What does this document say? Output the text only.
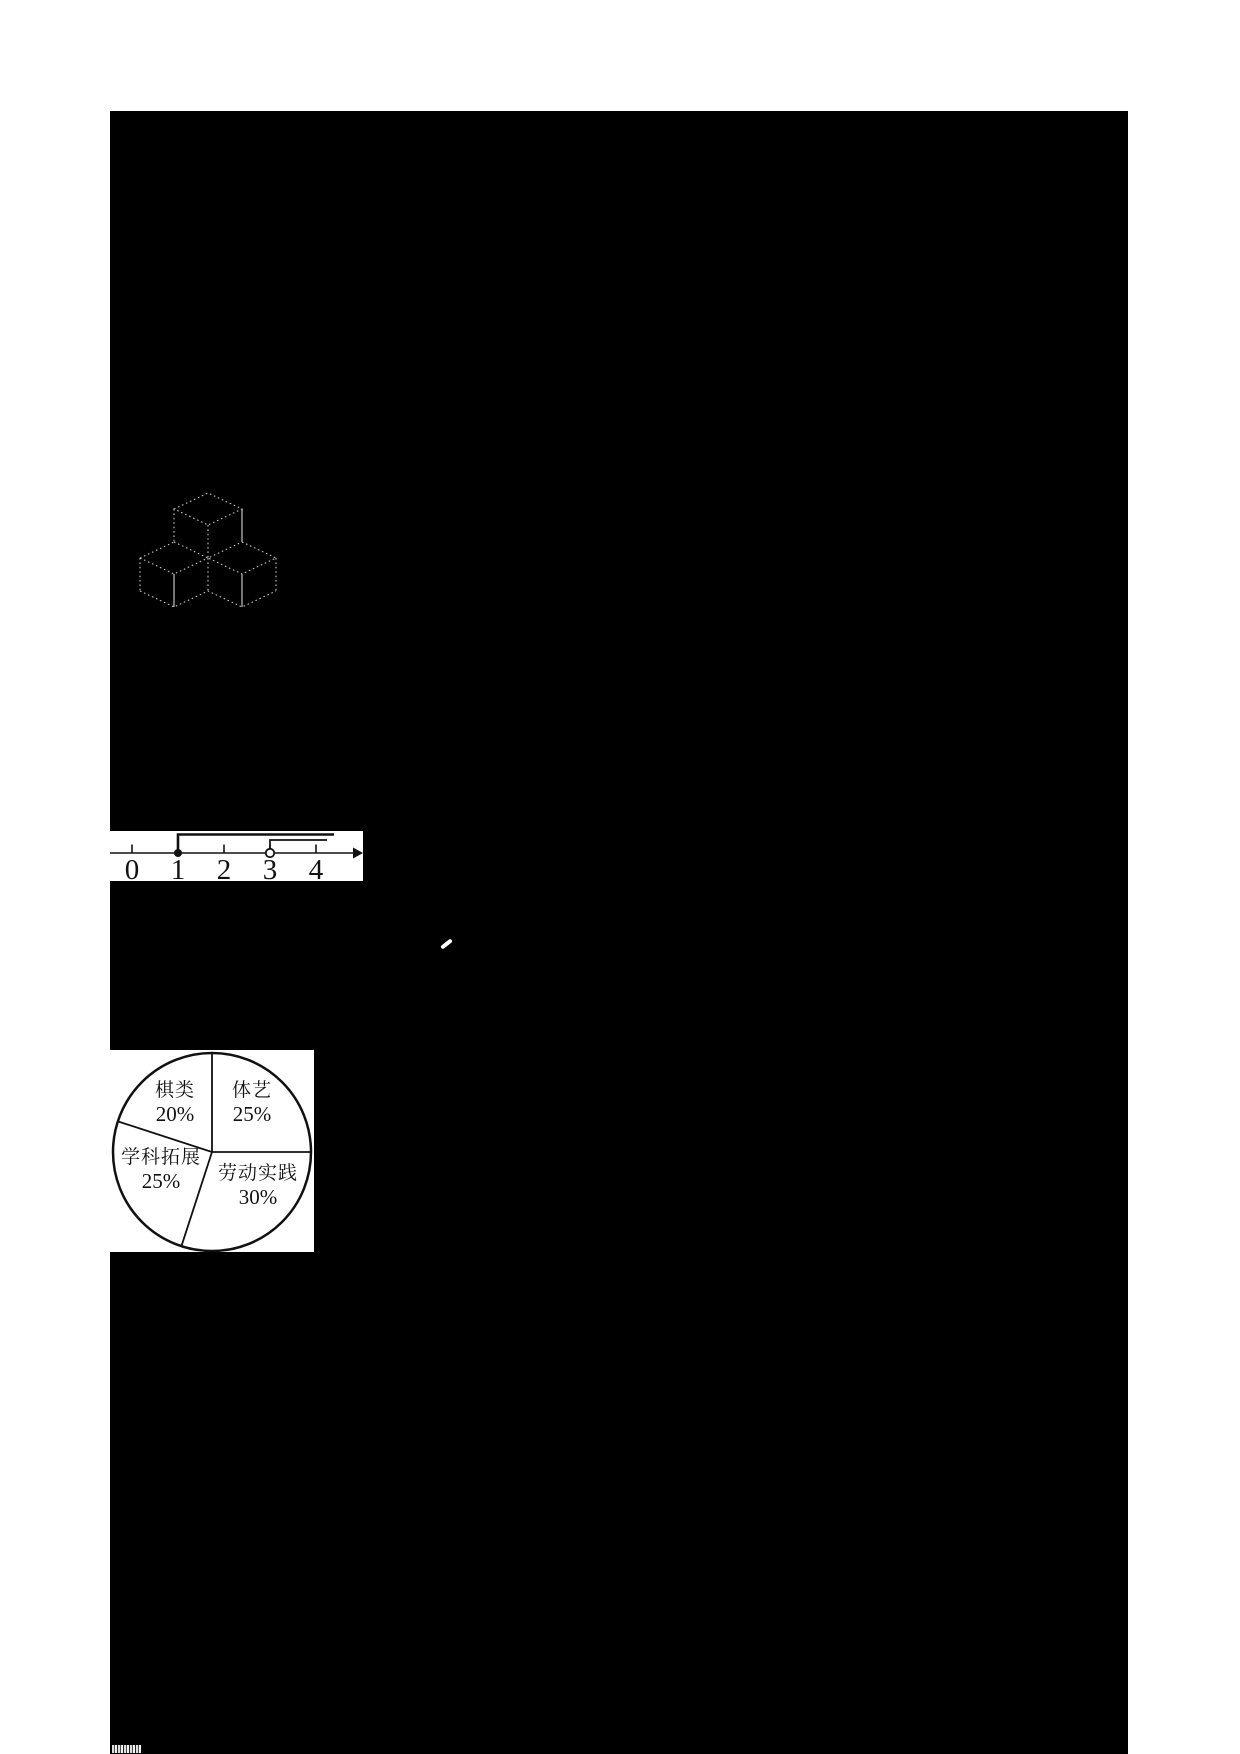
0 1 2 3 4
体艺
25%
劳动实践
30%
学科拓展
25%
棋类
20%
